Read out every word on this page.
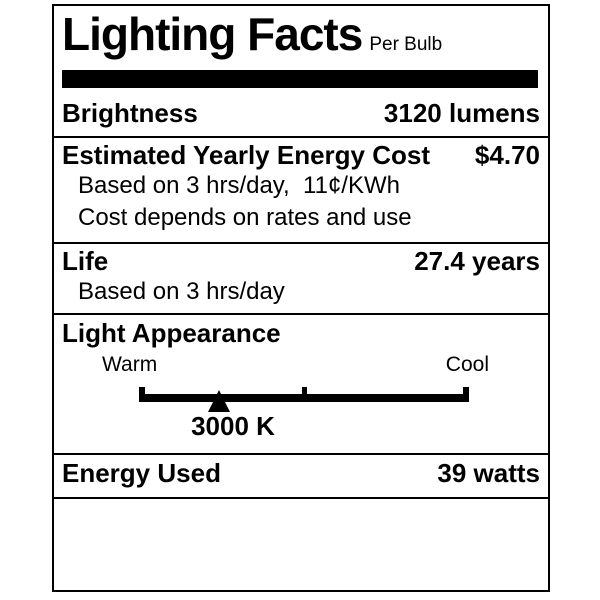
Lighting Facts Per Bulb
Brightness	3120 lumens
Estimated Yearly Energy Cost $4.70
Based on 3 hrs/day,  11¢/KWh
Cost depends on rates and use
Life	27.4 years
Based on 3 hrs/day
Light Appearance
Warm	Cool
3000 K
Energy Used	39 watts
